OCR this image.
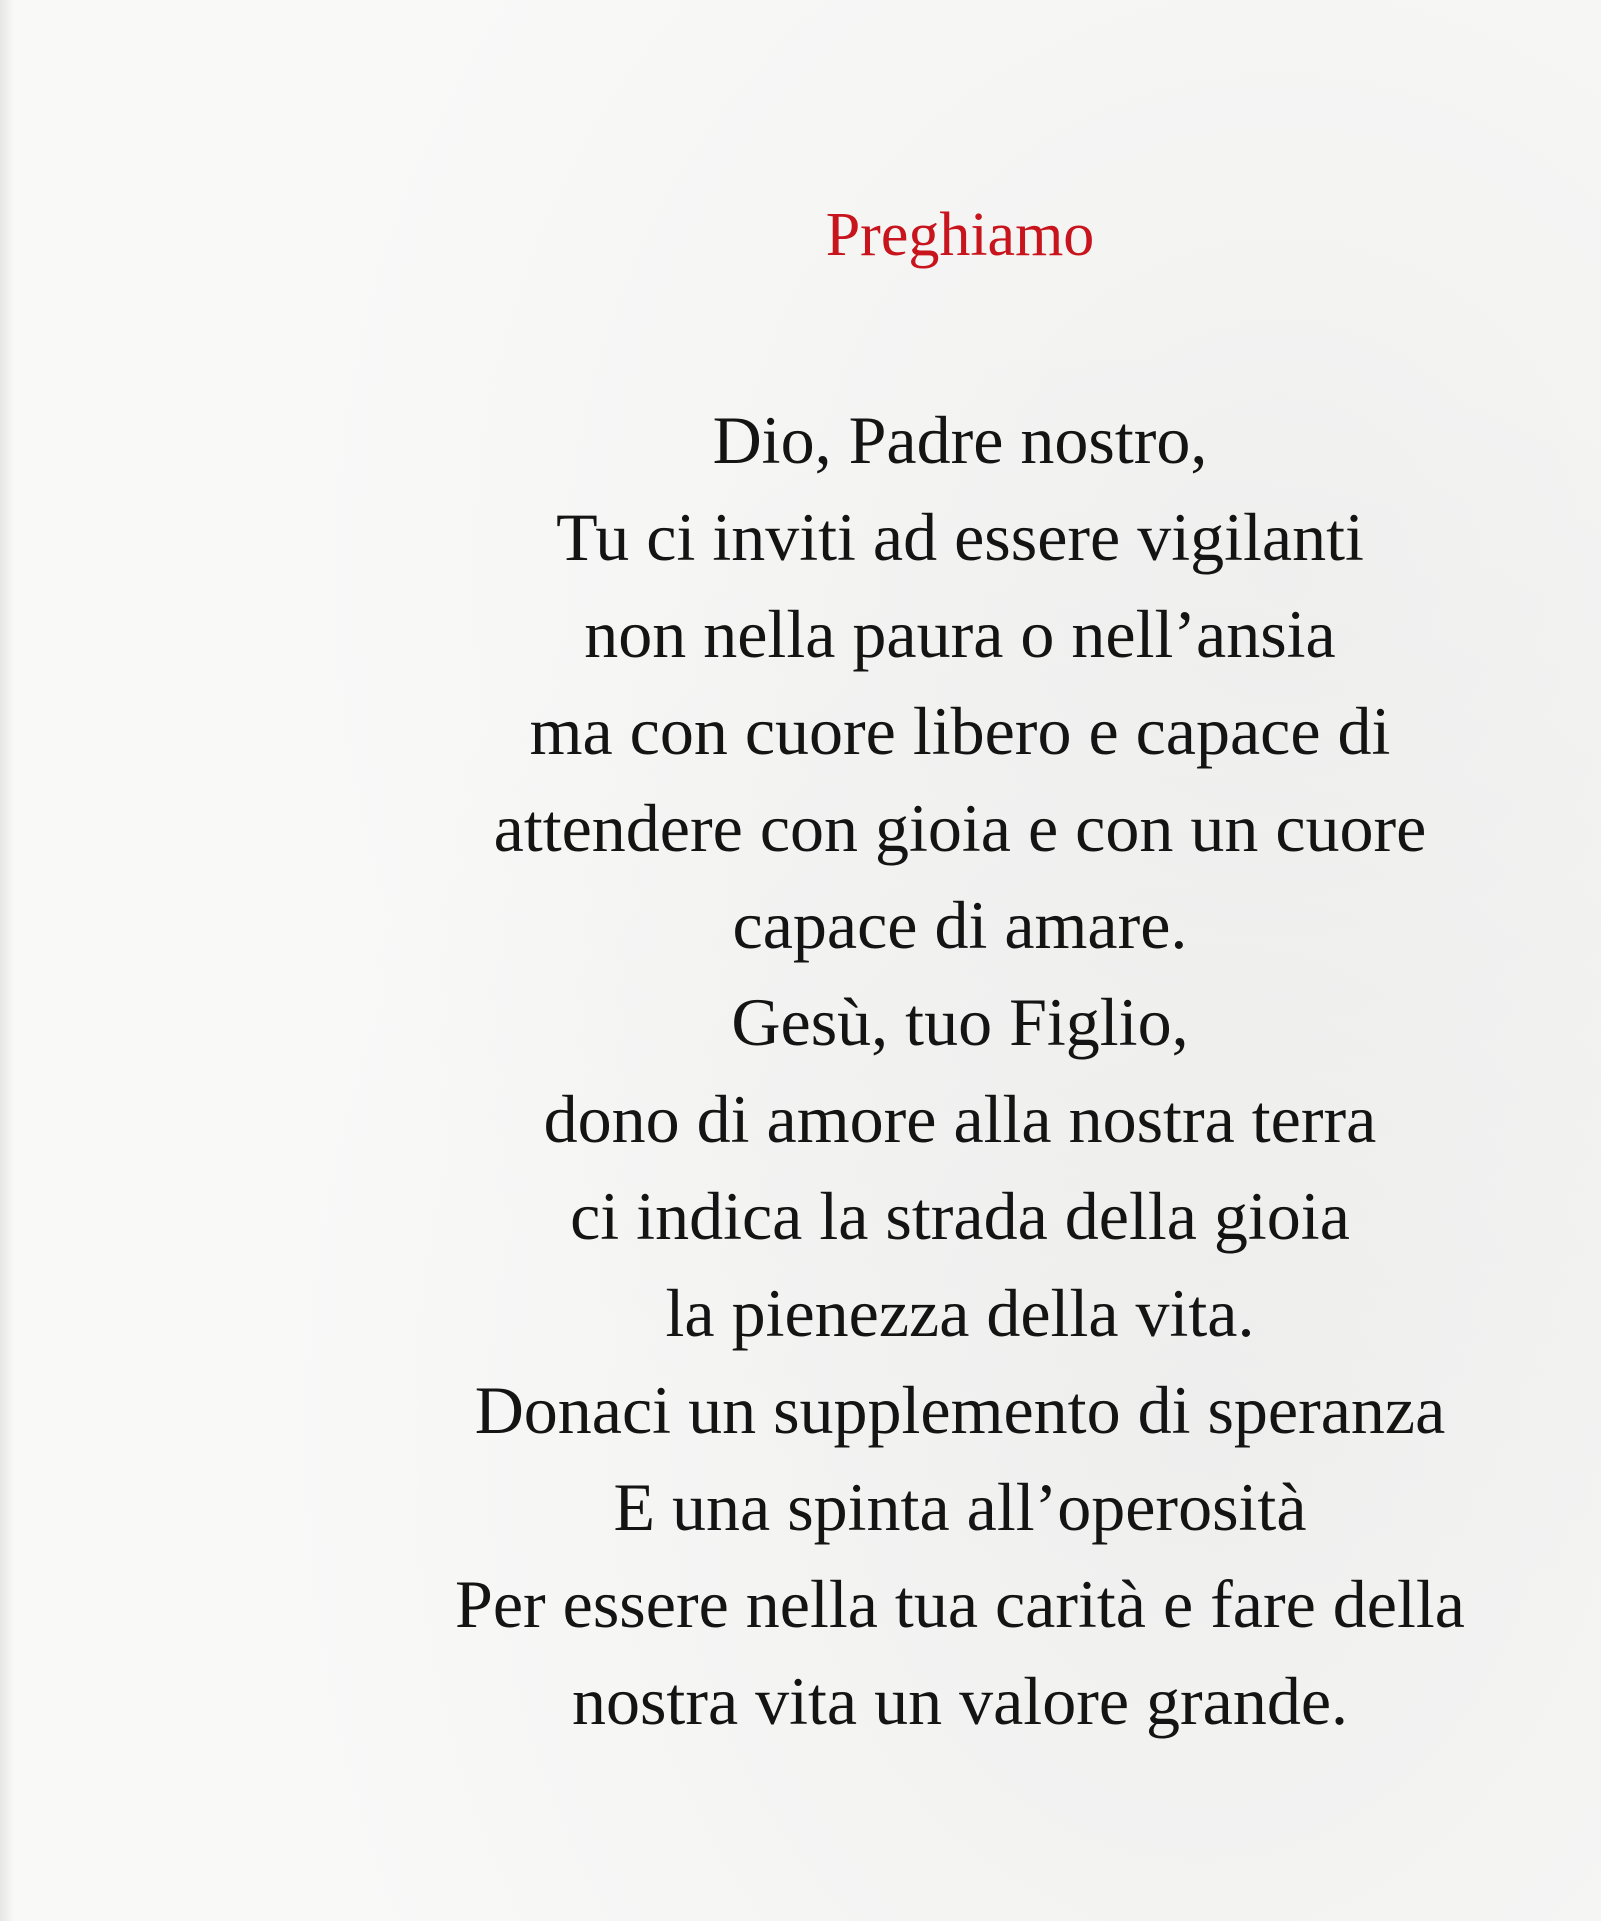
Preghiamo
Dio, Padre nostro,
Tu ci inviti ad essere vigilanti
non nella paura o nell’ansia
ma con cuore libero e capace di
attendere con gioia e con un cuore
capace di amare.
Gesù, tuo Figlio,
dono di amore alla nostra terra
ci indica la strada della gioia
la pienezza della vita.
Donaci un supplemento di speranza
E una spinta all’operosità
Per essere nella tua carità e fare della
nostra vita un valore grande.
